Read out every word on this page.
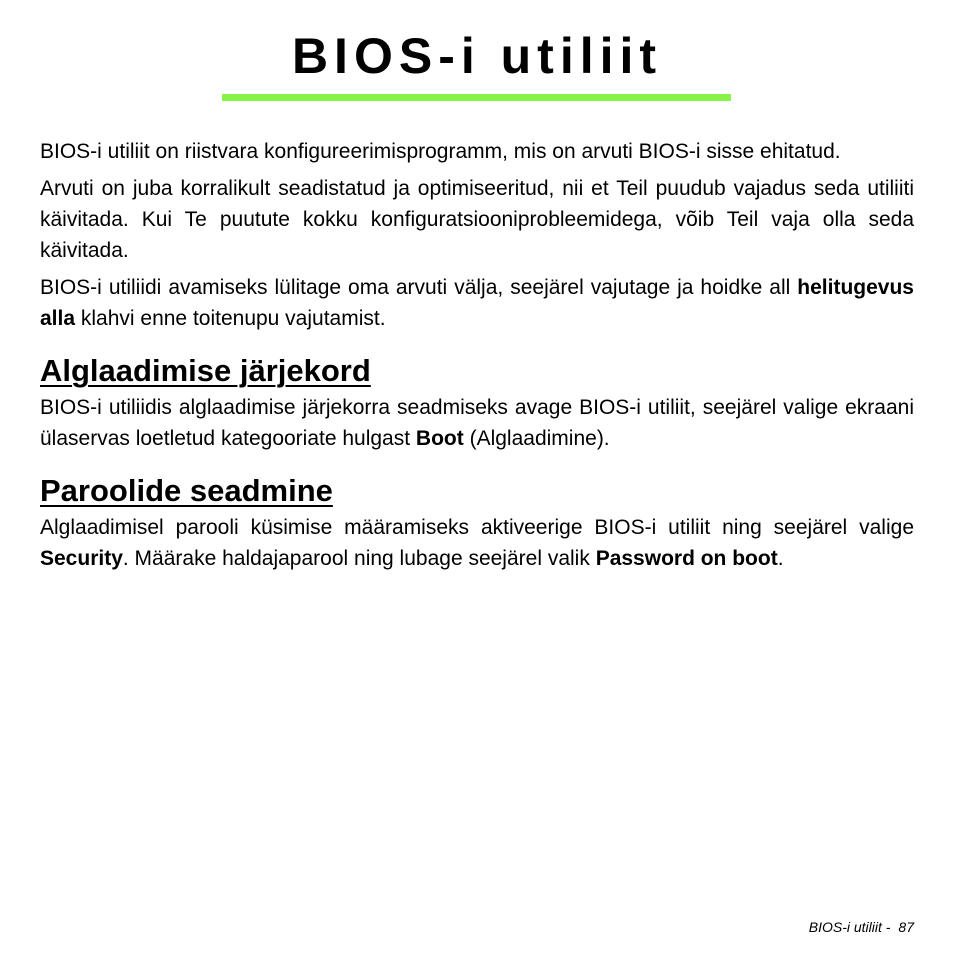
BIOS-i utiliit

BIOS-i utiliit on riistvara konfigureerimisprogramm, mis on arvuti BIOS-i sisse ehitatud.

Arvuti on juba korralikult seadistatud ja optimiseeritud, nii et Teil puudub vajadus seda utiliiti käivitada. Kui Te puutute kokku konfiguratsiooniprobleemidega, võib Teil vaja olla seda käivitada.

BIOS-i utiliidi avamiseks lülitage oma arvuti välja, seejärel vajutage ja hoidke all helitugevus alla klahvi enne toitenupu vajutamist.

Alglaadimise järjekord

BIOS-i utiliidis alglaadimise järjekorra seadmiseks avage BIOS-i utiliit, seejärel valige ekraani ülaservas loetletud kategooriate hulgast Boot (Alglaadimine).

Paroolide seadmine

Alglaadimisel parooli küsimise määramiseks aktiveerige BIOS-i utiliit ning seejärel valige Security. Määrake haldajaparool ning lubage seejärel valik Password on boot.

BIOS-i utiliit - 87
